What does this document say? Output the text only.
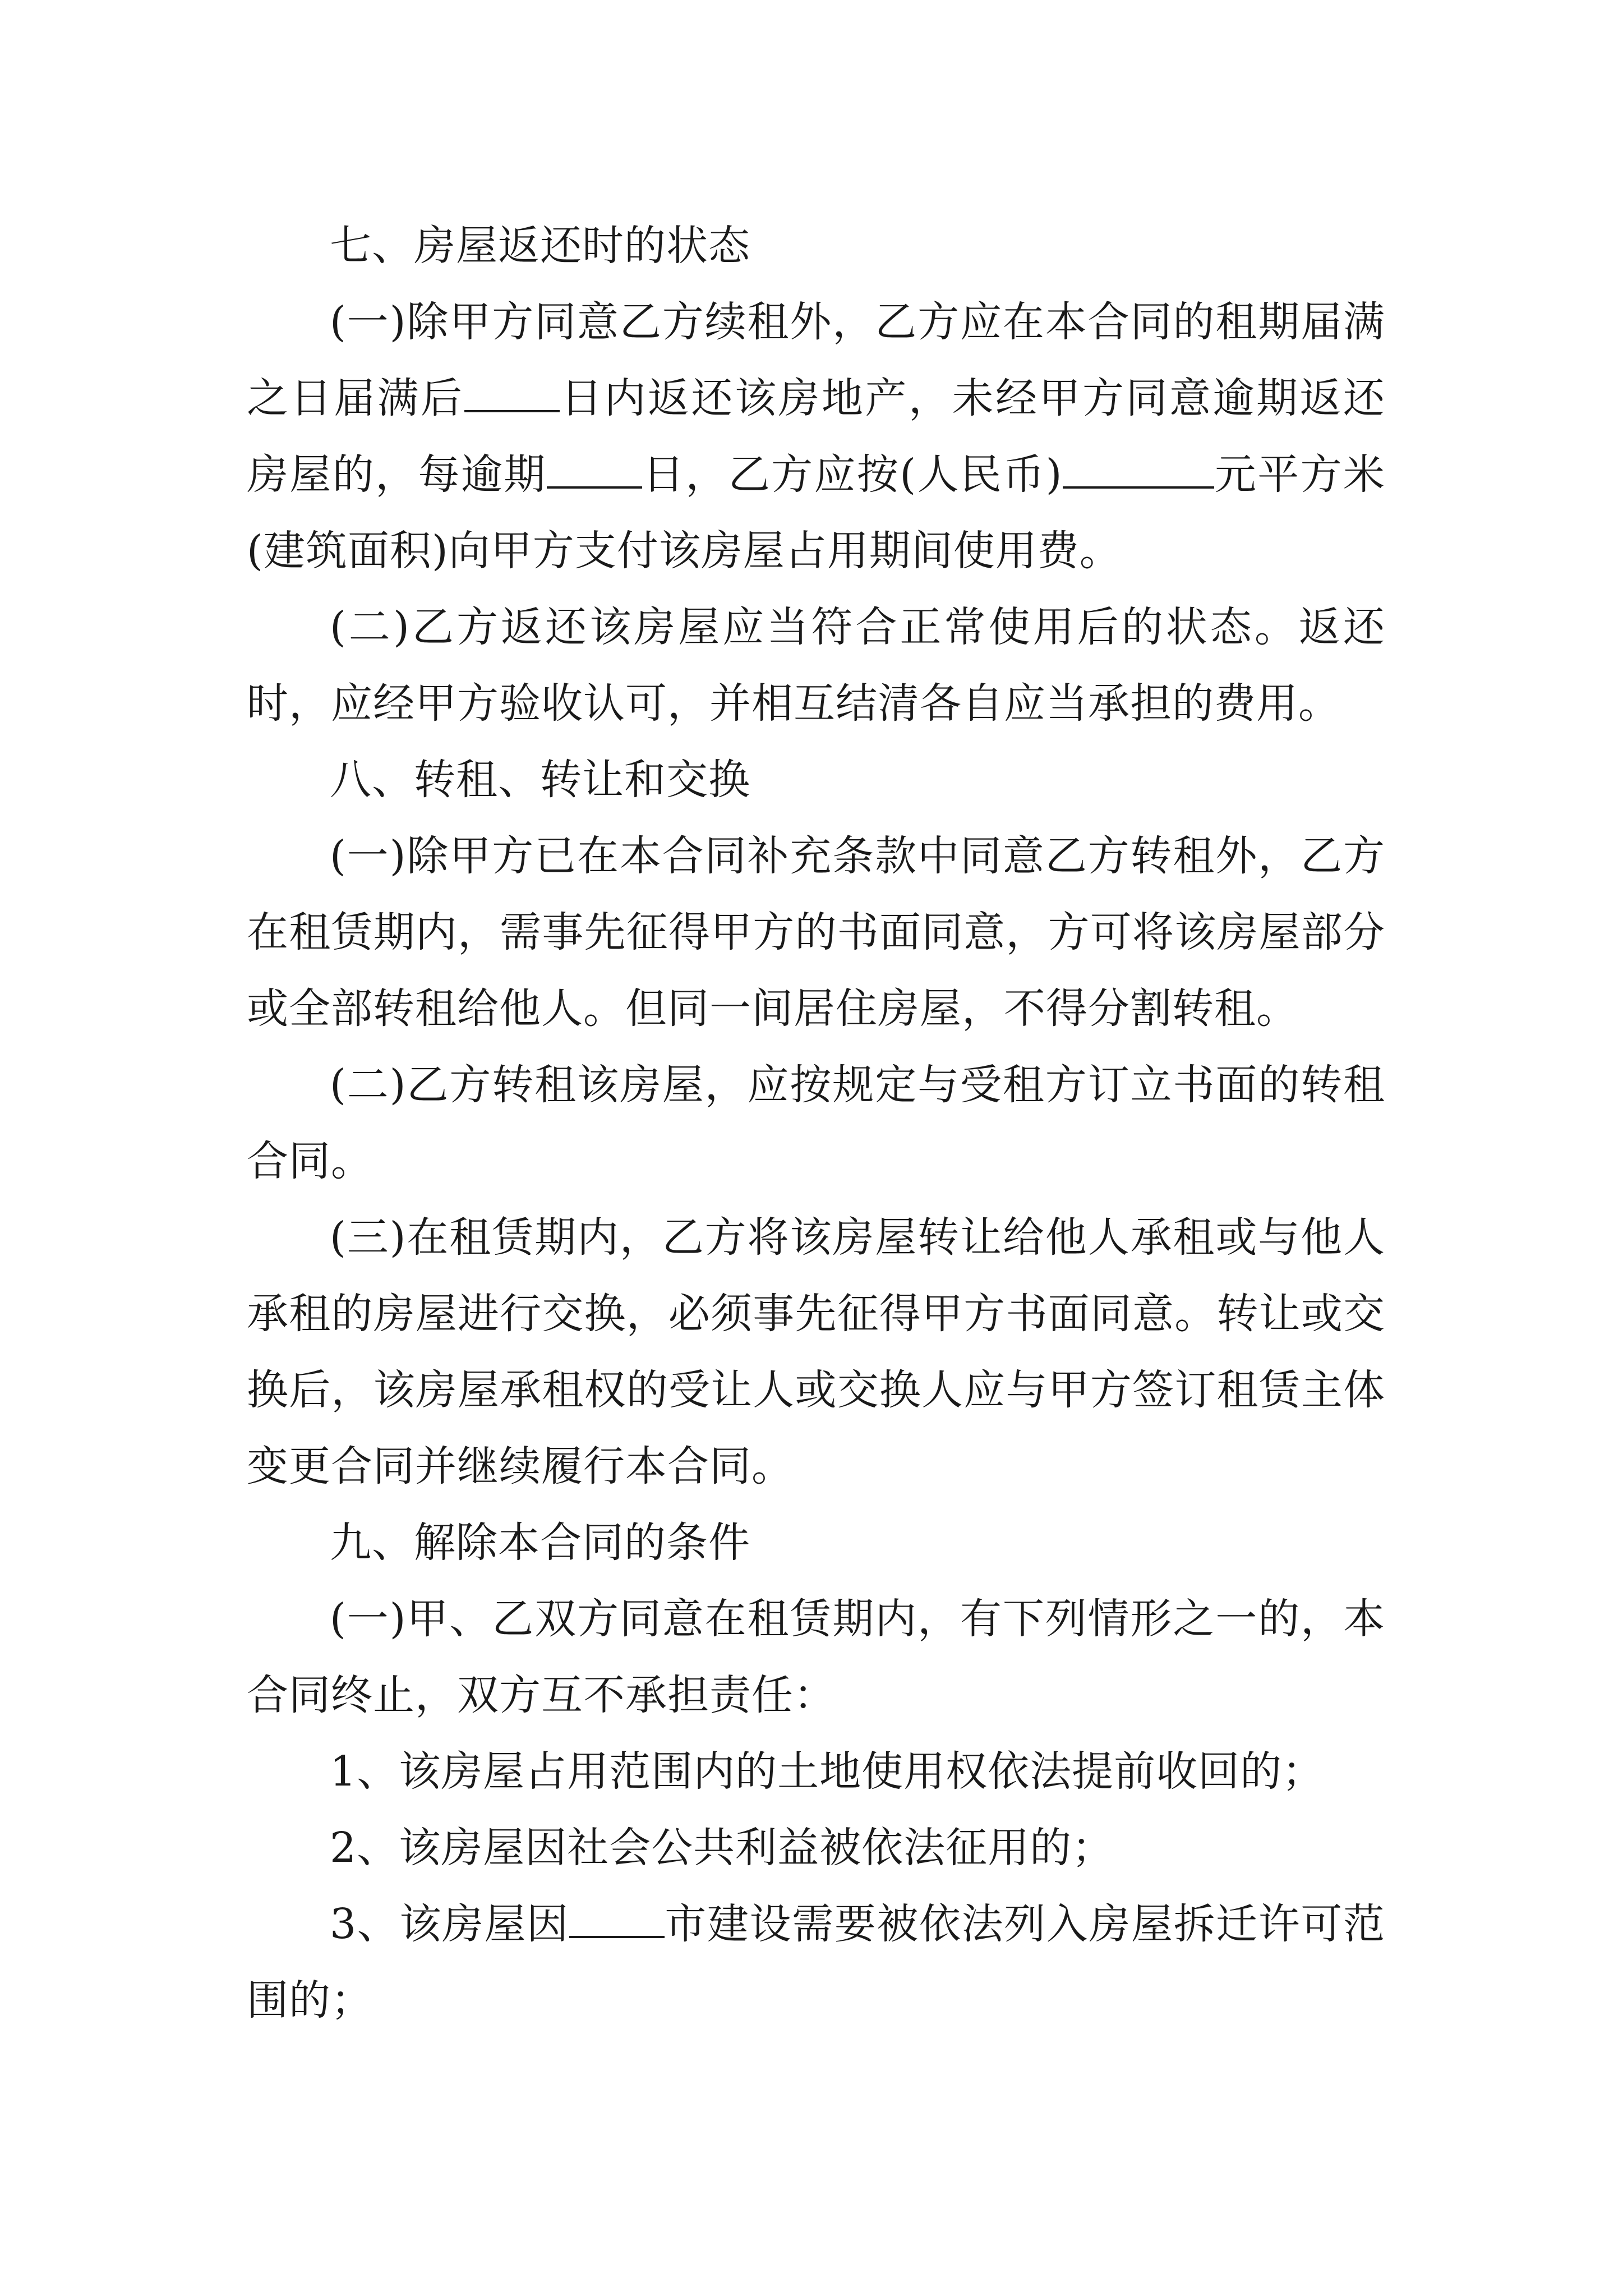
七、房屋返还时的状态

(一)除甲方同意乙方续租外，乙方应在本合同的租期届满之日届满后 日内返还该房地产，未经甲方同意逾期返还房屋的，每逾期 日，乙方应按(人民币)	元平方米(建筑面积)向甲方支付该房屋占用期间使用费。

(二)乙方返还该房屋应当符合正常使用后的状态。返还时，应经甲方验收认可，并相互结清各自应当承担的费用。

八、转租、转让和交换

(一)除甲方已在本合同补充条款中同意乙方转租外，乙方在租赁期内，需事先征得甲方的书面同意，方可将该房屋部分或全部转租给他人。但同一间居住房屋，不得分割转租。

(二)乙方转租该房屋，应按规定与受租方订立书面的转租合同。

(三)在租赁期内，乙方将该房屋转让给他人承租或与他人承租的房屋进行交换，必须事先征得甲方书面同意。转让或交换后，该房屋承租权的受让人或交换人应与甲方签订租赁主体变更合同并继续履行本合同。

九、解除本合同的条件

(一)甲、乙双方同意在租赁期内，有下列情形之一的，本合同终止，双方互不承担责任：

1、该房屋占用范围内的土地使用权依法提前收回的；

2、该房屋因社会公共利益被依法征用的；

3、该房屋因 市建设需要被依法列入房屋拆迁许可范围的；
